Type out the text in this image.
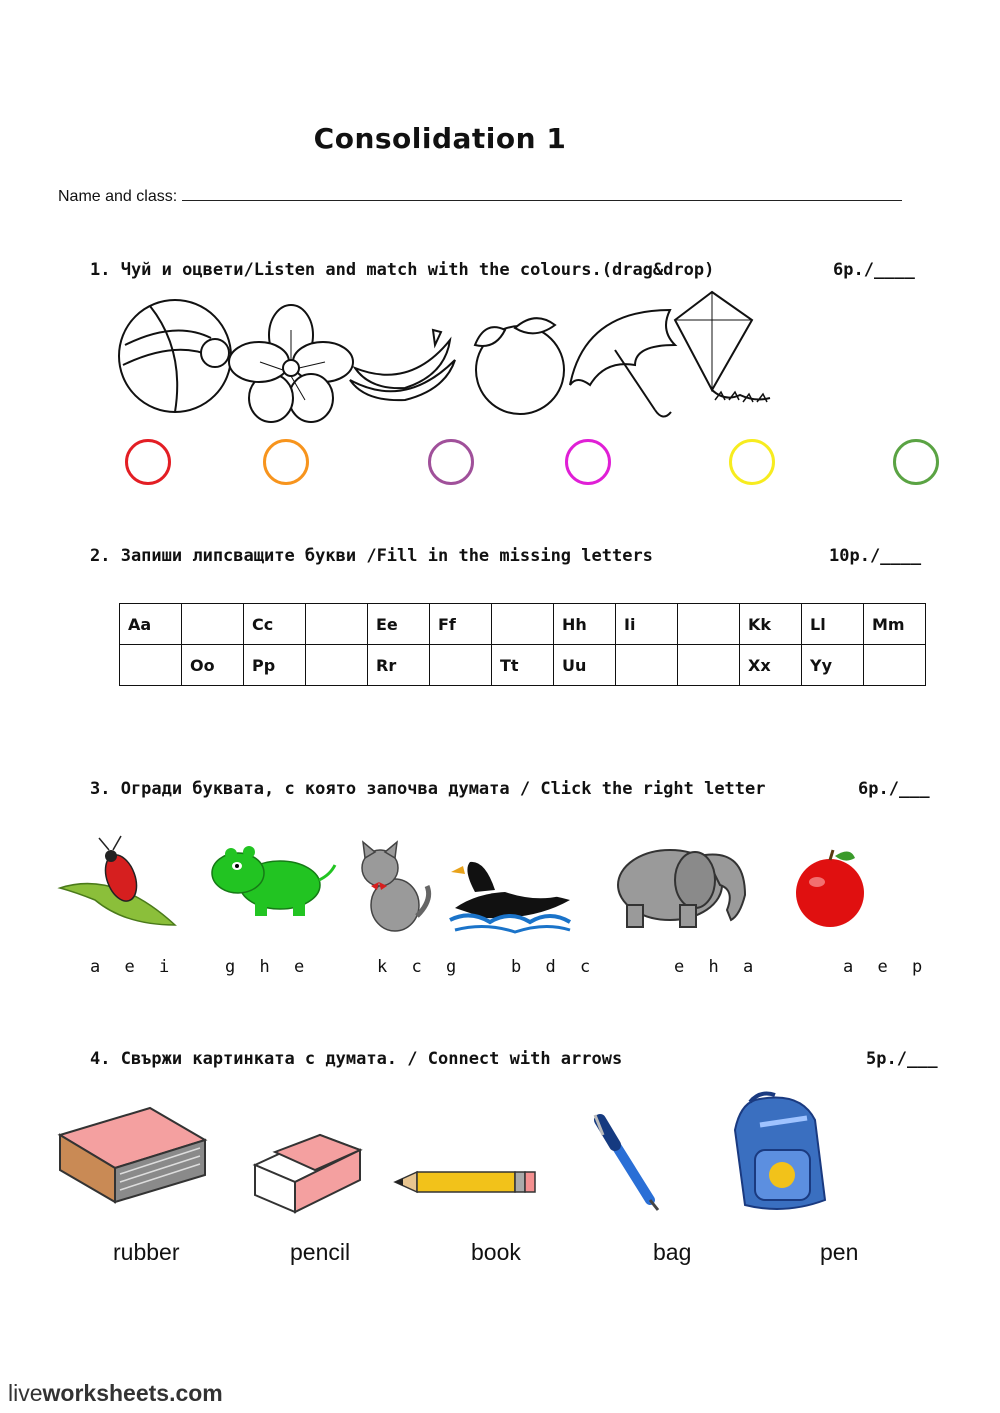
Consolidation 1
Name and class:
1. Чуй и оцвети/Listen and match with the colours.(drag&drop)	6p./____
2. Запиши липсващите букви /Fill in the missing letters	10p./____
Aa		Cc		Ee	Ff		Hh	Ii		Kk	Ll	Mm
	Oo	Pp		Rr		Tt	Uu			Xx	Yy	
3. Огради буквата, с която започва думата / Click the right letter	6p./___
a e i	g h e	k c g	b d c	e h a	a e p
4. Свържи картинката с думата. / Connect with arrows	5p./___
rubber	pencil	book	bag	pen
liveworksheets.com
